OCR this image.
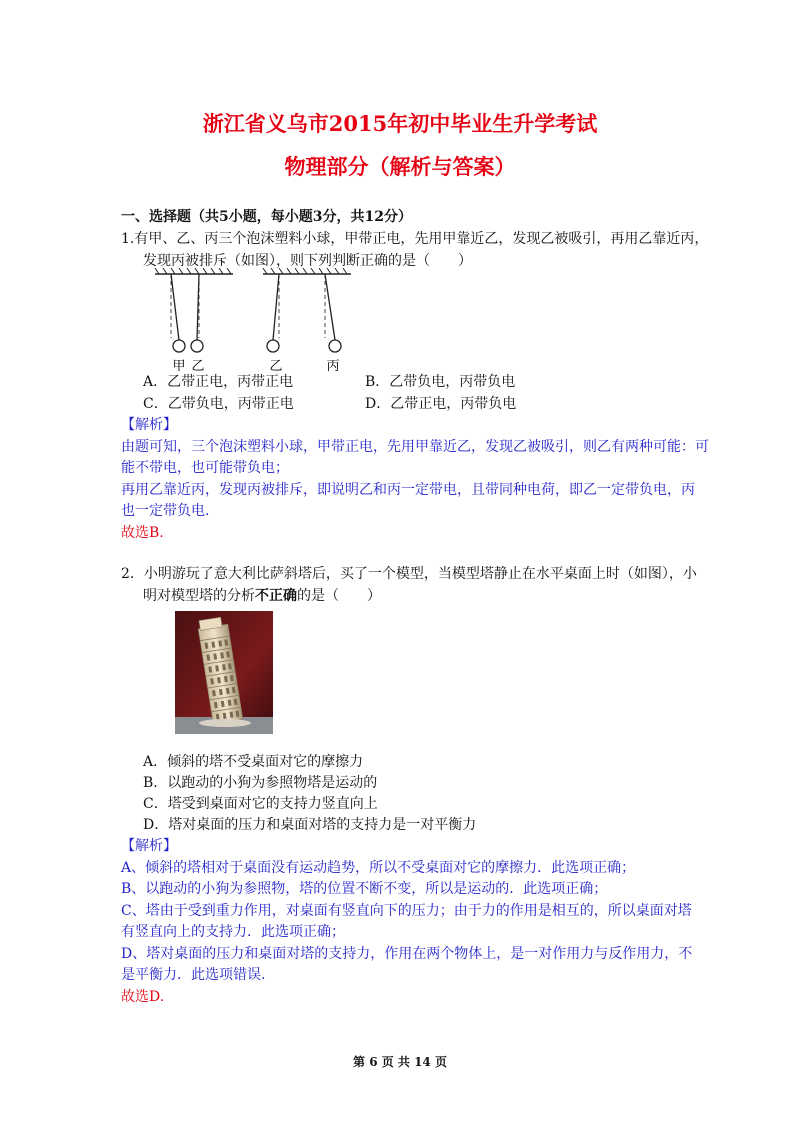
浙江省义乌市2015年初中毕业生升学考试
物理部分（解析与答案）
一、选择题（共5小题，每小题3分，共12分）
1.有甲、乙、丙三个泡沫塑料小球，甲带正电，先用甲靠近乙，发现乙被吸引，再用乙靠近丙，
发现丙被排斥（如图），则下列判断正确的是（　　）
甲 乙	乙	丙
A．乙带正电，丙带正电	B．乙带负电，丙带负电
C．乙带负电，丙带正电	D．乙带正电，丙带负电
【解析】
由题可知，三个泡沫塑料小球，甲带正电，先用甲靠近乙，发现乙被吸引，则乙有两种可能：可
能不带电，也可能带负电；
再用乙靠近丙，发现丙被排斥，即说明乙和丙一定带电，且带同种电荷，即乙一定带负电，丙
也一定带负电.
故选B.
2．小明游玩了意大利比萨斜塔后，买了一个模型，当模型塔静止在水平桌面上时（如图），小
明对模型塔的分析不正确的是（　　）
A．倾斜的塔不受桌面对它的摩擦力
B．以跑动的小狗为参照物塔是运动的
C．塔受到桌面对它的支持力竖直向上
D．塔对桌面的压力和桌面对塔的支持力是一对平衡力
【解析】
A、倾斜的塔相对于桌面没有运动趋势，所以不受桌面对它的摩擦力．此选项正确；
B、以跑动的小狗为参照物，塔的位置不断不变，所以是运动的．此选项正确；
C、塔由于受到重力作用，对桌面有竖直向下的压力；由于力的作用是相互的，所以桌面对塔
有竖直向上的支持力．此选项正确；
D、塔对桌面的压力和桌面对塔的支持力，作用在两个物体上，是一对作用力与反作用力，不
是平衡力．此选项错误.
故选D.
第 6 页 共 14 页
